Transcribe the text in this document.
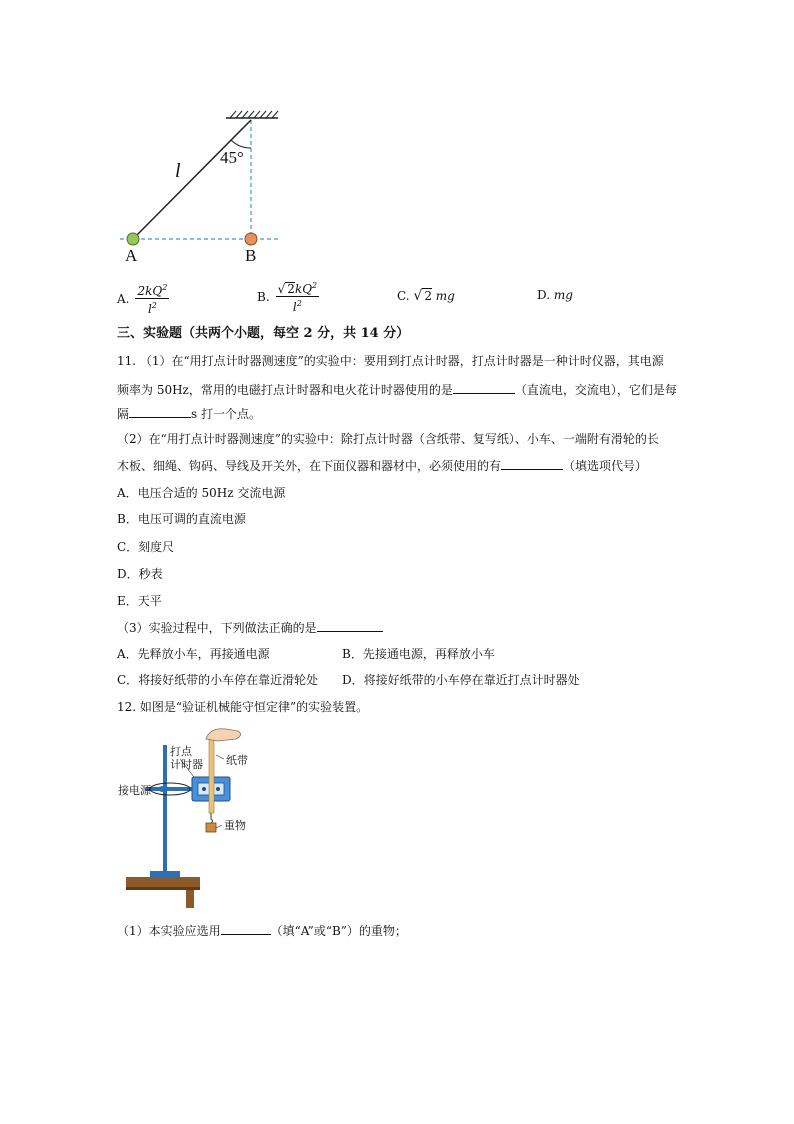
45°
l
A	B
A. $\frac{2kQ^2}{l^2}$	B. $\frac{√ 2kQ^2}{l^2}$	C. √ 2 mg	D. mg
三、实验题（共两个小题，每空 2 分，共 14 分）
11. （1）在“用打点计时器测速度”的实验中：要用到打点计时器，打点计时器是一种计时仪器，其电源
频率为 50Hz，常用的电磁打点计时器和电火花计时器使用的是	（直流电，交流电），它们是每
隔	s 打一个点。
（2）在“用打点计时器测速度”的实验中：除打点计时器（含纸带、复写纸）、小车、一端附有滑轮的长
木板、细绳、钩码、导线及开关外，在下面仪器和器材中，必须使用的有	（填选项代号）
A．电压合适的 50Hz 交流电源
B．电压可调的直流电源
C．刻度尺
D．秒表
E．天平
（3）实验过程中，下列做法正确的是
A．先释放小车，再接通电源	B．先接通电源，再释放小车
C．将接好纸带的小车停在靠近滑轮处 D．将接好纸带的小车停在靠近打点计时器处
12. 如图是“验证机械能守恒定律”的实验装置。
打点
计时器 纸带
接电源
重物
（1）本实验应选用	（填“A”或“B”）的重物；
